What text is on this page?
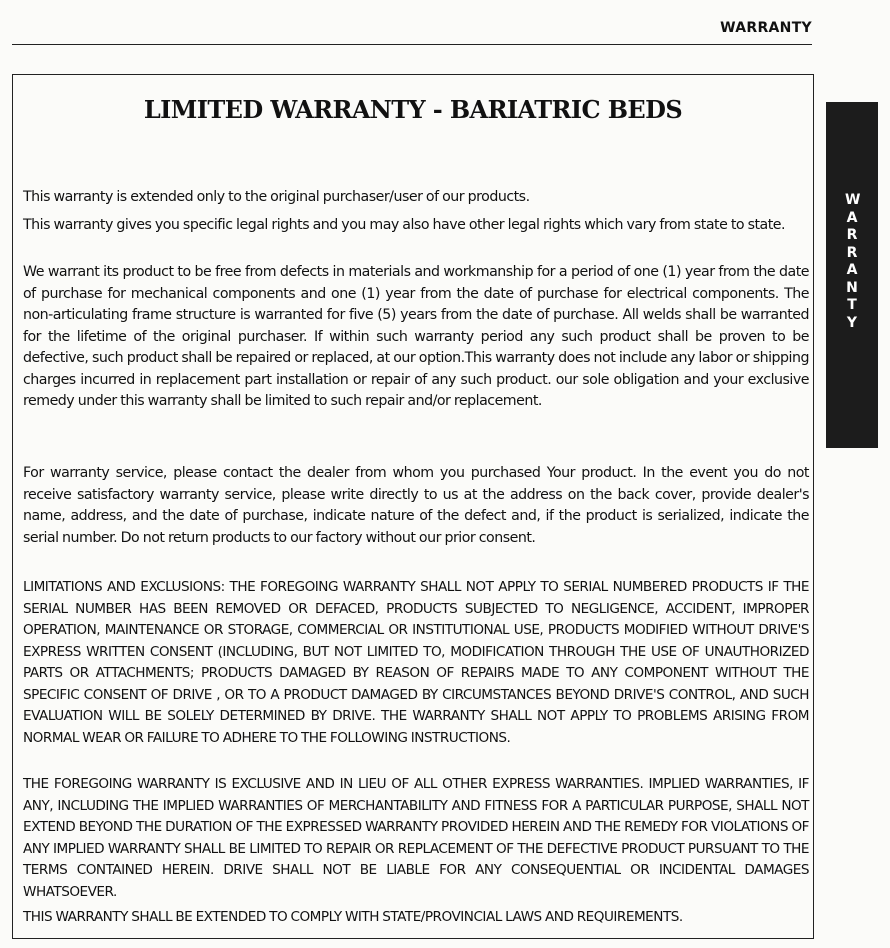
WARRANTY
WARRANTY
LIMITED WARRANTY - BARIATRIC BEDS

This warranty is extended only to the original purchaser/user of our products.

This warranty gives you specific legal rights and you may also have other legal rights which vary from state to state.

We warrant its product to be free from defects in materials and workmanship for a period of one (1) year from the date of purchase for mechanical components and one (1) year from the date of purchase for electrical components. The non-articulating frame structure is warranted for five (5) years from the date of purchase. All welds shall be warranted for the lifetime of the original purchaser. If within such warranty period any such product shall be proven to be defective, such product shall be repaired or replaced, at our option.This warranty does not include any labor or shipping charges incurred in replacement part installation or repair of any such product. our sole obligation and your exclusive remedy under this warranty shall be limited to such repair and/or replacement.

For warranty service, please contact the dealer from whom you purchased Your product. In the event you do not receive satisfactory warranty service, please write directly to us at the address on the back cover, provide dealer's name, address, and the date of purchase, indicate nature of the defect and, if the product is serialized, indicate the serial number. Do not return products to our factory without our prior consent.

LIMITATIONS AND EXCLUSIONS: THE FOREGOING WARRANTY SHALL NOT APPLY TO SERIAL NUMBERED PRODUCTS IF THE SERIAL NUMBER HAS BEEN REMOVED OR DEFACED, PRODUCTS SUBJECTED TO NEGLIGENCE, ACCIDENT, IMPROPER OPERATION, MAINTENANCE OR STORAGE, COMMERCIAL OR INSTITUTIONAL USE, PRODUCTS MODIFIED WITHOUT DRIVE'S EXPRESS WRITTEN CONSENT (INCLUDING, BUT NOT LIMITED TO, MODIFICATION THROUGH THE USE OF UNAUTHORIZED PARTS OR ATTACHMENTS; PRODUCTS DAMAGED BY REASON OF REPAIRS MADE TO ANY COMPONENT WITHOUT THE SPECIFIC CONSENT OF DRIVE , OR TO A PRODUCT DAMAGED BY CIRCUMSTANCES BEYOND DRIVE'S CONTROL, AND SUCH EVALUATION WILL BE SOLELY DETERMINED BY DRIVE. THE WARRANTY SHALL NOT APPLY TO PROBLEMS ARISING FROM NORMAL WEAR OR FAILURE TO ADHERE TO THE FOLLOWING INSTRUCTIONS.

THE FOREGOING WARRANTY IS EXCLUSIVE AND IN LIEU OF ALL OTHER EXPRESS WARRANTIES. IMPLIED WARRANTIES, IF ANY, INCLUDING THE IMPLIED WARRANTIES OF MERCHANTABILITY AND FITNESS FOR A PARTICULAR PURPOSE, SHALL NOT EXTEND BEYOND THE DURATION OF THE EXPRESSED WARRANTY PROVIDED HEREIN AND THE REMEDY FOR VIOLATIONS OF ANY IMPLIED WARRANTY SHALL BE LIMITED TO REPAIR OR REPLACEMENT OF THE DEFECTIVE PRODUCT PURSUANT TO THE TERMS CONTAINED HEREIN. DRIVE SHALL NOT BE LIABLE FOR ANY CONSEQUENTIAL OR INCIDENTAL DAMAGES WHATSOEVER.

THIS WARRANTY SHALL BE EXTENDED TO COMPLY WITH STATE/PROVINCIAL LAWS AND REQUIREMENTS.
